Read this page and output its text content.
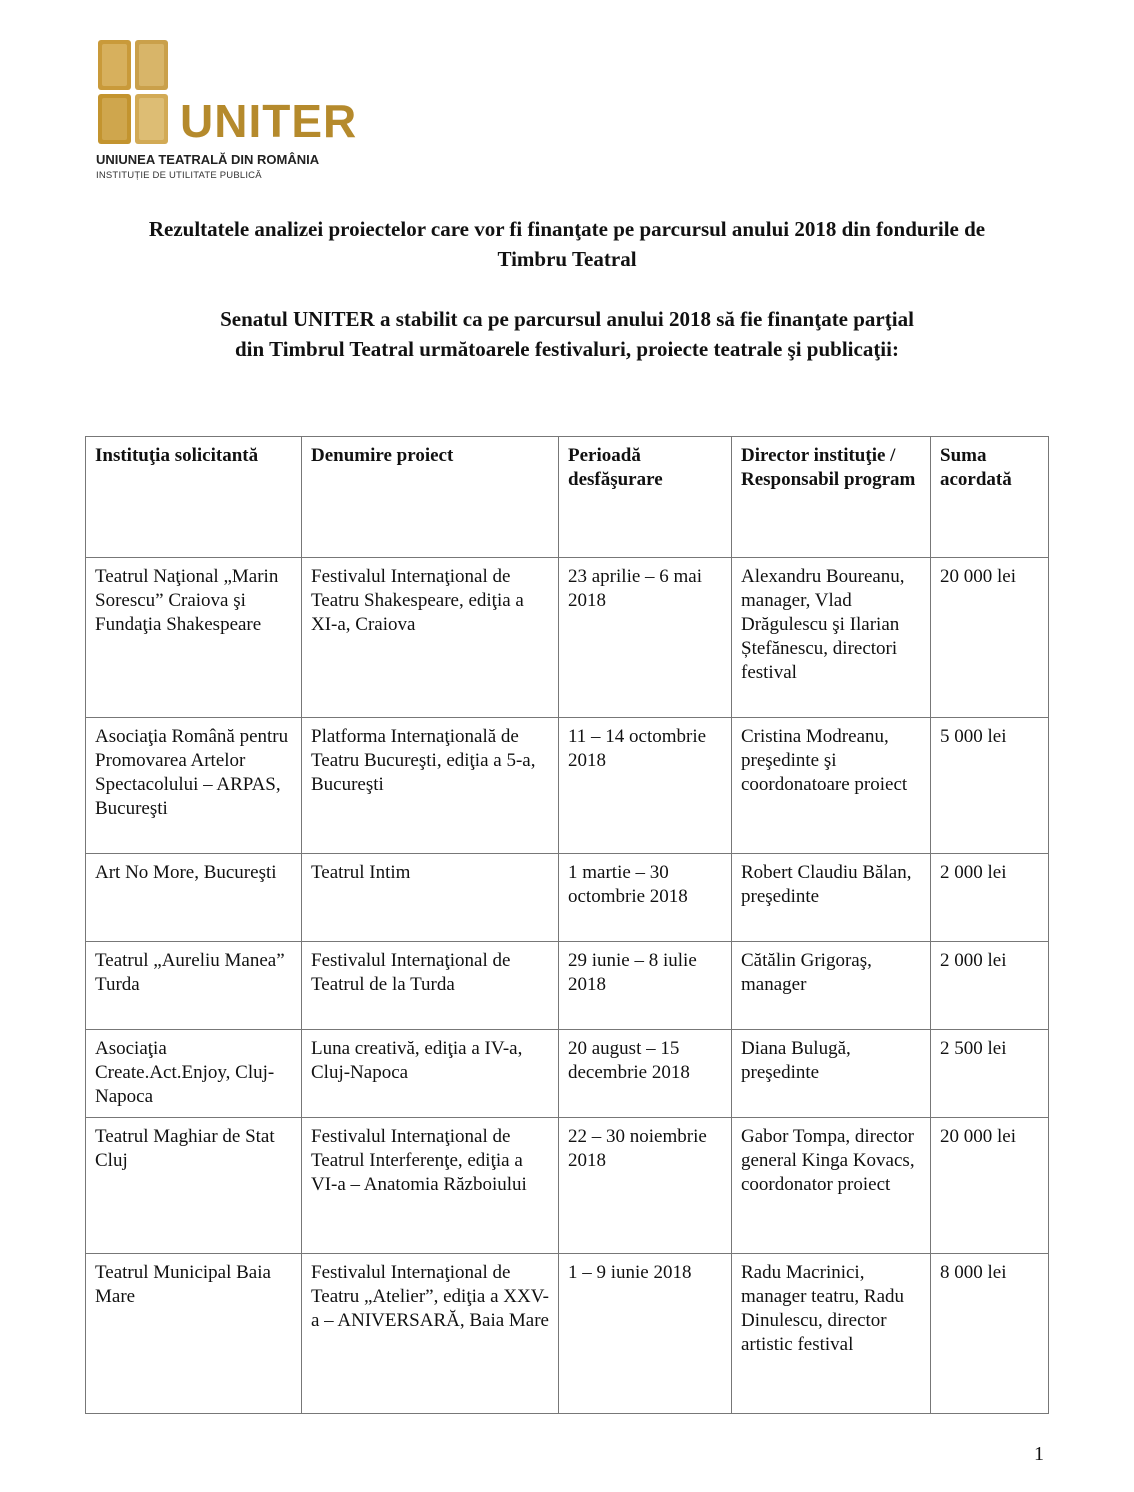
UNITER
UNIUNEA TEATRALĂ DIN ROMÂNIA
INSTITUȚIE DE UTILITATE PUBLICĂ

Rezultatele analizei proiectelor care vor fi finanţate pe parcursul anului 2018 din fondurile de

Timbru Teatral

Senatul UNITER a stabilit ca pe parcursul anului 2018 să fie finanţate parţial

din Timbrul Teatral următoarele festivaluri, proiecte teatrale şi publicaţii:

Instituţia solicitantă	Denumire proiect	Perioadă desfăşurare	Director instituţie / Responsabil program	Suma acordată
Teatrul Naţional „Marin Sorescu” Craiova şi Fundaţia Shakespeare	Festivalul Internaţional de Teatru Shakespeare, ediţia a XI-a, Craiova	23 aprilie – 6 mai 2018	Alexandru Boureanu, manager, Vlad Drăgulescu şi Ilarian Ștefănescu, directori festival	20 000 lei
Asociaţia Română pentru Promovarea Artelor Spectacolului – ARPAS, Bucureşti	Platforma Internaţională de Teatru Bucureşti, ediţia a 5-a, Bucureşti	11 – 14 octombrie 2018	Cristina Modreanu, preşedinte şi coordonatoare proiect	5 000 lei
Art No More, Bucureşti	Teatrul Intim	1 martie – 30 octombrie 2018	Robert Claudiu Bălan, preşedinte	2 000 lei
Teatrul „Aureliu Manea” Turda	Festivalul Internaţional de Teatrul de la Turda	29 iunie – 8 iulie 2018	Cătălin Grigoraş, manager	2 000 lei
Asociaţia Create.Act.Enjoy, Cluj-Napoca	Luna creativă, ediţia a IV-a, Cluj-Napoca	20 august – 15 decembrie 2018	Diana Bulugă, preşedinte	2 500 lei
Teatrul Maghiar de Stat Cluj	Festivalul Internaţional de Teatrul Interferenţe, ediţia a VI-a – Anatomia Războiului	22 – 30 noiembrie 2018	Gabor Tompa, director general Kinga Kovacs, coordonator proiect	20 000 lei
Teatrul Municipal Baia Mare	Festivalul Internaţional de Teatru „Atelier”, ediţia a XXV-a – ANIVERSARĂ, Baia Mare	1 – 9 iunie 2018	Radu Macrinici, manager teatru, Radu Dinulescu, director artistic festival	8 000 lei
1
